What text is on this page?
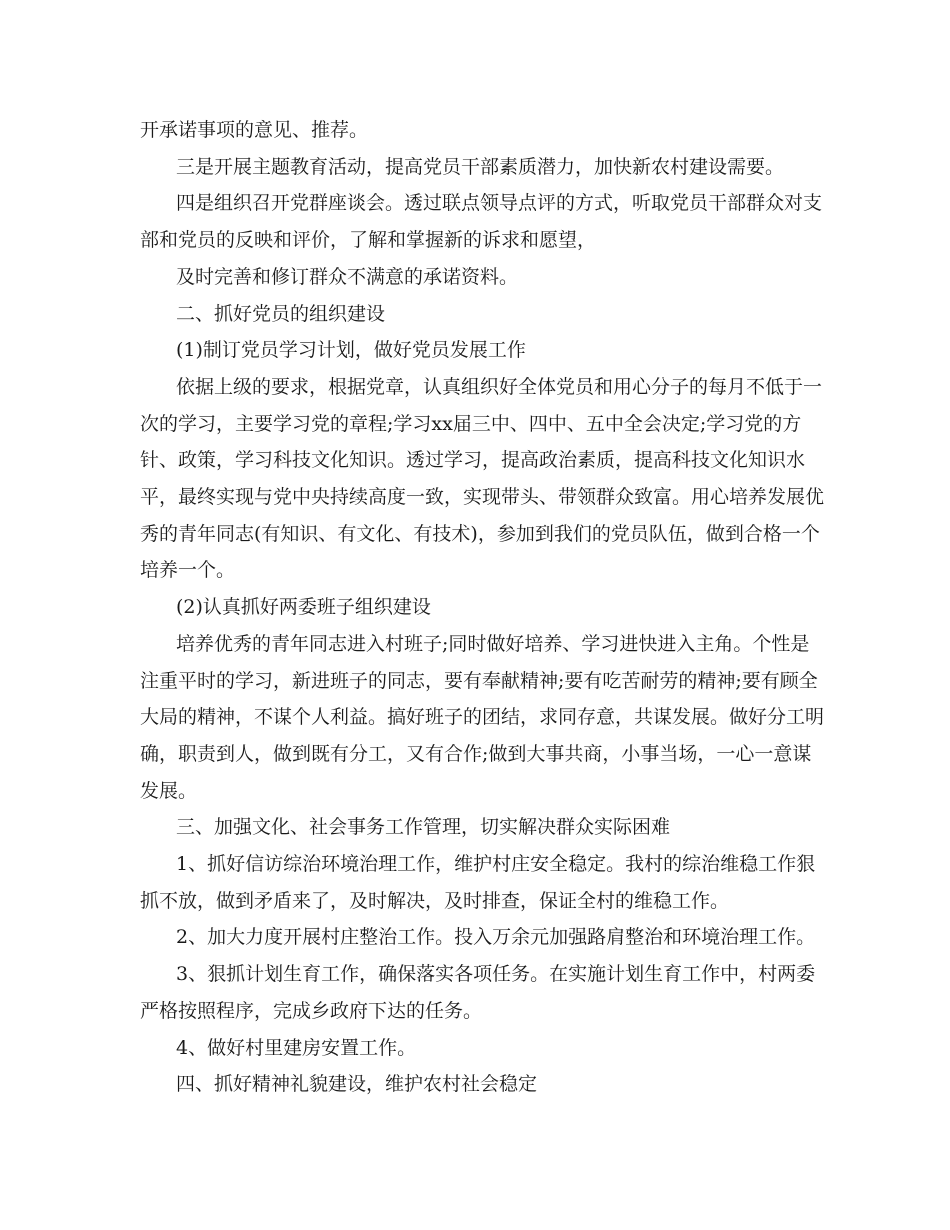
开承诺事项的意见、推荐。
三是开展主题教育活动，提高党员干部素质潜力，加快新农村建设需要。
四是组织召开党群座谈会。透过联点领导点评的方式，听取党员干部群众对支
部和党员的反映和评价，了解和掌握新的诉求和愿望，
及时完善和修订群众不满意的承诺资料。
二、抓好党员的组织建设
(1)制订党员学习计划，做好党员发展工作
依据上级的要求，根据党章，认真组织好全体党员和用心分子的每月不低于一
次的学习，主要学习党的章程;学习xx届三中、四中、五中全会决定;学习党的方
针、政策，学习科技文化知识。透过学习，提高政治素质，提高科技文化知识水
平，最终实现与党中央持续高度一致，实现带头、带领群众致富。用心培养发展优
秀的青年同志(有知识、有文化、有技术)，参加到我们的党员队伍，做到合格一个
培养一个。
(2)认真抓好两委班子组织建设
培养优秀的青年同志进入村班子;同时做好培养、学习进快进入主角。个性是
注重平时的学习，新进班子的同志，要有奉献精神;要有吃苦耐劳的精神;要有顾全
大局的精神，不谋个人利益。搞好班子的团结，求同存意，共谋发展。做好分工明
确，职责到人，做到既有分工，又有合作;做到大事共商，小事当场，一心一意谋
发展。
三、加强文化、社会事务工作管理，切实解决群众实际困难
1、抓好信访综治环境治理工作，维护村庄安全稳定。我村的综治维稳工作狠
抓不放，做到矛盾来了，及时解决，及时排查，保证全村的维稳工作。
2、加大力度开展村庄整治工作。投入万余元加强路肩整治和环境治理工作。
3、狠抓计划生育工作，确保落实各项任务。在实施计划生育工作中，村两委
严格按照程序，完成乡政府下达的任务。
4、做好村里建房安置工作。
四、抓好精神礼貌建设，维护农村社会稳定
